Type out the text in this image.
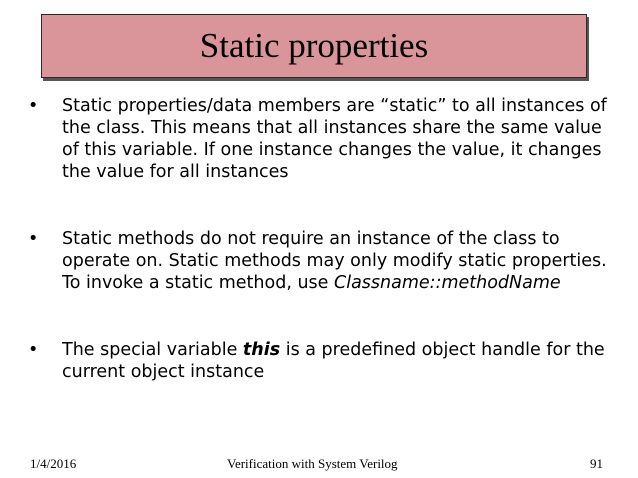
Static properties
•	Static properties/data members are “static” to all instances of
the class. This means that all instances share the same value
of this variable. If one instance changes the value, it changes
the value for all instances
•	Static methods do not require an instance of the class to
operate on. Static methods may only modify static properties.
To invoke a static method, use Classname::methodName
•	The special variable this is a predefined object handle for the
current object instance
1/4/2016	Verification with System Verilog	91
